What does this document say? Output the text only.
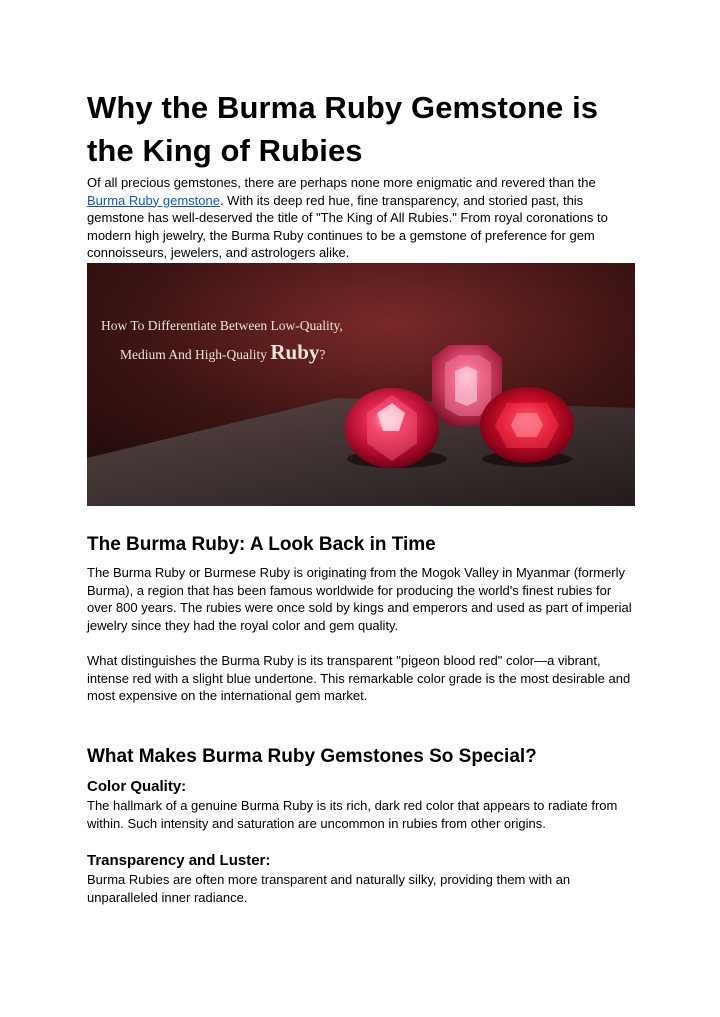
Why the Burma Ruby Gemstone is the King of Rubies

Of all precious gemstones, there are perhaps none more enigmatic and revered than the Burma Ruby gemstone. With its deep red hue, fine transparency, and storied past, this gemstone has well-deserved the title of "The King of All Rubies." From royal coronations to modern high jewelry, the Burma Ruby continues to be a gemstone of preference for gem connoisseurs, jewelers, and astrologers alike.

How To Differentiate Between Low-Quality,
Medium And High-Quality Ruby?
The Burma Ruby: A Look Back in Time

The Burma Ruby or Burmese Ruby is originating from the Mogok Valley in Myanmar (formerly Burma), a region that has been famous worldwide for producing the world's finest rubies for over 800 years. The rubies were once sold by kings and emperors and used as part of imperial jewelry since they had the royal color and gem quality.

What distinguishes the Burma Ruby is its transparent "pigeon blood red" color—a vibrant, intense red with a slight blue undertone. This remarkable color grade is the most desirable and most expensive on the international gem market.

What Makes Burma Ruby Gemstones So Special?
Color Quality:

The hallmark of a genuine Burma Ruby is its rich, dark red color that appears to radiate from within. Such intensity and saturation are uncommon in rubies from other origins.

Transparency and Luster:

Burma Rubies are often more transparent and naturally silky, providing them with an unparalleled inner radiance.
